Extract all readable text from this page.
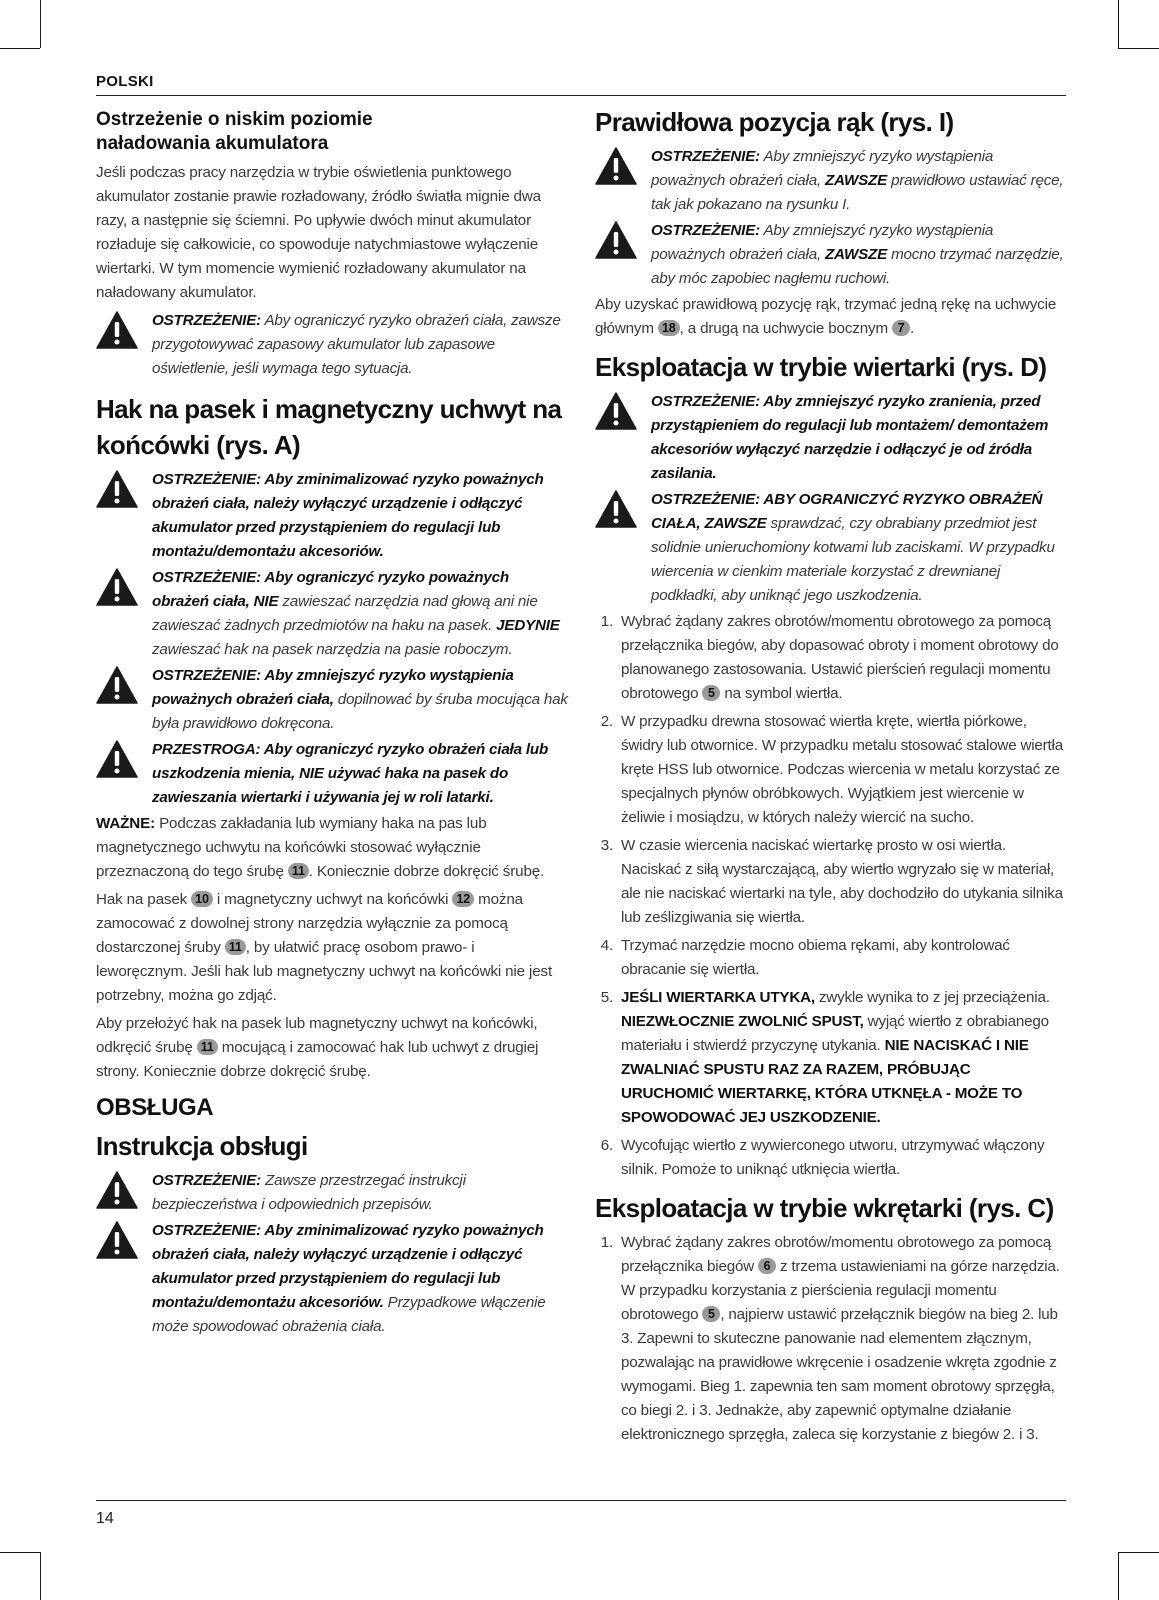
POLSKI
Ostrzeżenie o niskim poziomie
naładowania akumulatora

Jeśli podczas pracy narzędzia w trybie oświetlenia punktowego akumulator zostanie prawie rozładowany, źródło światła mignie dwa razy, a następnie się ściemni. Po upływie dwóch minut akumulator rozładuje się całkowicie, co spowoduje natychmiastowe wyłączenie wiertarki. W tym momencie wymienić rozładowany akumulator na naładowany akumulator.

OSTRZEŻENIE: Aby ograniczyć ryzyko obrażeń ciała, zawsze przygotowywać zapasowy akumulator lub zapasowe oświetlenie, jeśli wymaga tego sytuacja.
Hak na pasek i magnetyczny uchwyt na
końcówki (rys. A)
OSTRZEŻENIE: Aby zminimalizować ryzyko poważnych obrażeń ciała, należy wyłączyć urządzenie i odłączyć akumulator przed przystąpieniem do regulacji lub montażu/demontażu akcesoriów.
OSTRZEŻENIE: Aby ograniczyć ryzyko poważnych obrażeń ciała, NIE zawieszać narzędzia nad głową ani nie zawieszać żadnych przedmiotów na haku na pasek. JEDYNIE zawieszać hak na pasek narzędzia na pasie roboczym.
OSTRZEŻENIE: Aby zmniejszyć ryzyko wystąpienia poważnych obrażeń ciała, dopilnować by śruba mocująca hak była prawidłowo dokręcona.
PRZESTROGA: Aby ograniczyć ryzyko obrażeń ciała lub uszkodzenia mienia, NIE używać haka na pasek do zawieszania wiertarki i używania jej w roli latarki.

WAŻNE: Podczas zakładania lub wymiany haka na pas lub magnetycznego uchwytu na końcówki stosować wyłącznie przeznaczoną do tego śrubę 11 . Koniecznie dobrze dokręcić śrubę.

Hak na pasek 10 i magnetyczny uchwyt na końcówki 12 można zamocować z dowolnej strony narzędzia wyłącznie za pomocą dostarczonej śruby 11 , by ułatwić pracę osobom prawo- i leworęcznym. Jeśli hak lub magnetyczny uchwyt na końcówki nie jest potrzebny, można go zdjąć.

Aby przełożyć hak na pasek lub magnetyczny uchwyt na końcówki, odkręcić śrubę 11 mocującą i zamocować hak lub uchwyt z drugiej strony. Koniecznie dobrze dokręcić śrubę.

OBSŁUGA
Instrukcja obsługi
OSTRZEŻENIE: Zawsze przestrzegać instrukcji bezpieczeństwa i odpowiednich przepisów.
OSTRZEŻENIE: Aby zminimalizować ryzyko poważnych obrażeń ciała, należy wyłączyć urządzenie i odłączyć akumulator przed przystąpieniem do regulacji lub montażu/demontażu akcesoriów. Przypadkowe włączenie może spowodować obrażenia ciała.
Prawidłowa pozycja rąk (rys. I)
OSTRZEŻENIE: Aby zmniejszyć ryzyko wystąpienia poważnych obrażeń ciała, ZAWSZE prawidłowo ustawiać ręce, tak jak pokazano na rysunku I.
OSTRZEŻENIE: Aby zmniejszyć ryzyko wystąpienia poważnych obrażeń ciała, ZAWSZE mocno trzymać narzędzie, aby móc zapobiec nagłemu ruchowi.

Aby uzyskać prawidłową pozycję rąk, trzymać jedną rękę na uchwycie głównym 18 , a drugą na uchwycie bocznym 7 .

Eksploatacja w trybie wiertarki (rys. D)
OSTRZEŻENIE: Aby zmniejszyć ryzyko zranienia, przed przystąpieniem do regulacji lub montażem/ demontażem akcesoriów wyłączyć narzędzie i odłączyć je od źródła zasilania.
OSTRZEŻENIE: ABY OGRANICZYĆ RYZYKO OBRAŻEŃ CIAŁA, ZAWSZE sprawdzać, czy obrabiany przedmiot jest solidnie unieruchomiony kotwami lub zaciskami. W przypadku wiercenia w cienkim materiale korzystać z drewnianej podkładki, aby uniknąć jego uszkodzenia.
1. Wybrać żądany zakres obrotów/momentu obrotowego za pomocą przełącznika biegów, aby dopasować obroty i moment obrotowy do planowanego zastosowania. Ustawić pierścień regulacji momentu obrotowego 5 na symbol wiertła.
2. W przypadku drewna stosować wiertła kręte, wiertła piórkowe, świdry lub otwornice. W przypadku metalu stosować stalowe wiertła kręte HSS lub otwornice. Podczas wiercenia w metalu korzystać ze specjalnych płynów obróbkowych. Wyjątkiem jest wiercenie w żeliwie i mosiądzu, w których należy wiercić na sucho.
3. W czasie wiercenia naciskać wiertarkę prosto w osi wiertła. Naciskać z siłą wystarczającą, aby wiertło wgryzało się w materiał, ale nie naciskać wiertarki na tyle, aby dochodziło do utykania silnika lub ześlizgiwania się wiertła.
4. Trzymać narzędzie mocno obiema rękami, aby kontrolować obracanie się wiertła.
5. JEŚLI WIERTARKA UTYKA, zwykle wynika to z jej przeciążenia. NIEZWŁOCZNIE ZWOLNIĆ SPUST, wyjąć wiertło z obrabianego materiału i stwierdź przyczynę utykania. NIE NACISKAĆ I NIE ZWALNIAĆ SPUSTU RAZ ZA RAZEM, PRÓBUJĄC URUCHOMIĆ WIERTARKĘ, KTÓRA UTKNĘŁA - MOŻE TO SPOWODOWAĆ JEJ USZKODZENIE.
6. Wycofując wiertło z wywierconego utworu, utrzymywać włączony silnik. Pomoże to uniknąć utknięcia wiertła.
Eksploatacja w trybie wkrętarki (rys. C)
1. Wybrać żądany zakres obrotów/momentu obrotowego za pomocą przełącznika biegów 6 z trzema ustawieniami na górze narzędzia. W przypadku korzystania z pierścienia regulacji momentu obrotowego 5 , najpierw ustawić przełącznik biegów na bieg 2. lub 3. Zapewni to skuteczne panowanie nad elementem złącznym, pozwalając na prawidłowe wkręcenie i osadzenie wkręta zgodnie z wymogami. Bieg 1. zapewnia ten sam moment obrotowy sprzęgła, co biegi 2. i 3. Jednakże, aby zapewnić optymalne działanie elektronicznego sprzęgła, zaleca się korzystanie z biegów 2. i 3.
14
